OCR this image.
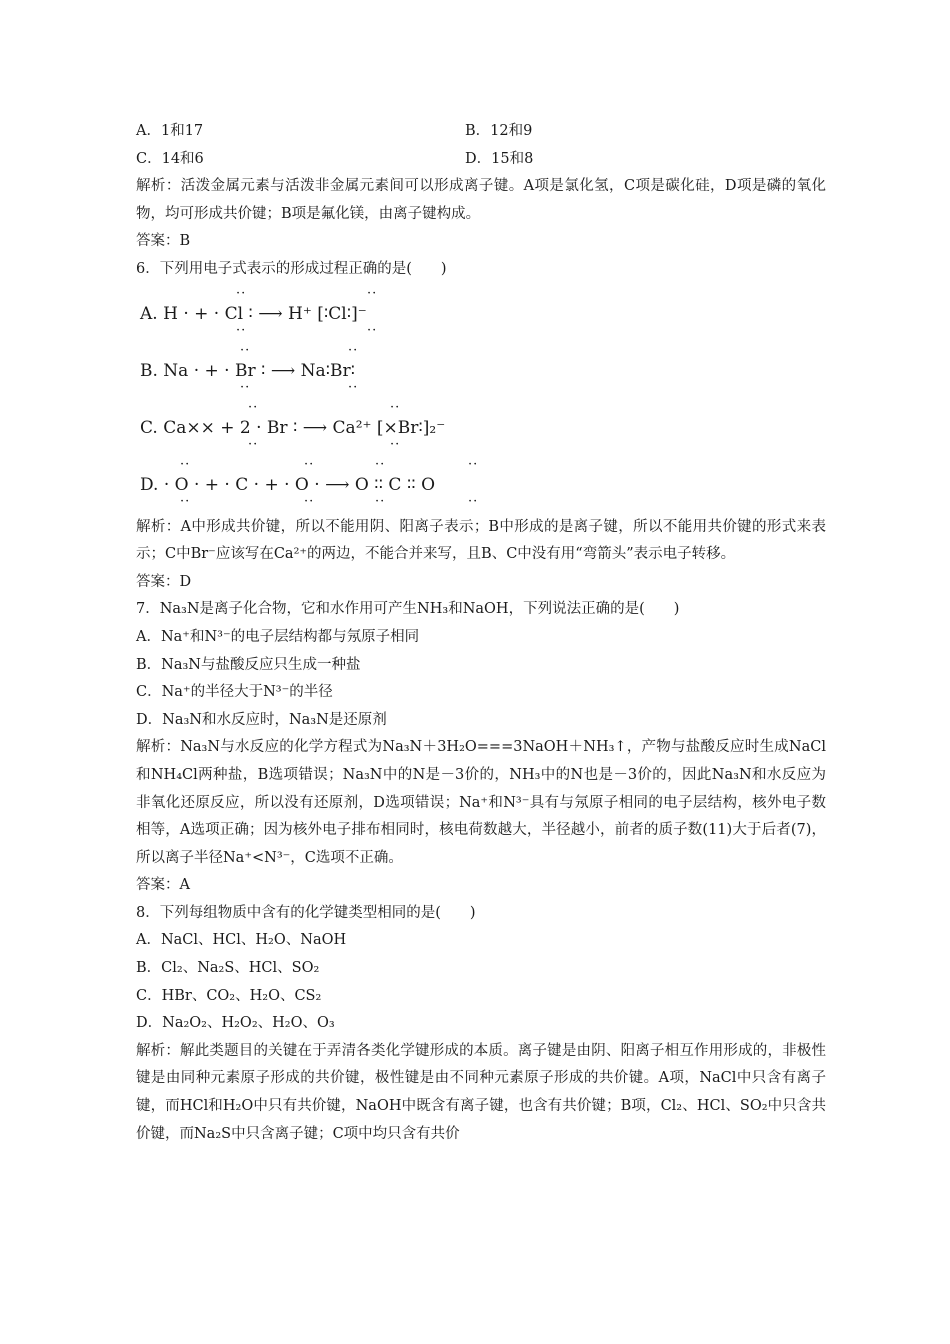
A．1和17	B．12和9
C．14和6	D．15和8
解析：活泼金属元素与活泼非金属元素间可以形成离子键。A项是氯化氢，C项是碳化硅，D项是磷的氧化物，均可形成共价键；B项是氟化镁，由离子键构成。
答案：B
6．下列用电子式表示的形成过程正确的是(　　)
··	··
A. H · + · Cl ∶ ⟶ H⁺ [∶Cl∶]⁻
··	··
··	··
B. Na · + · Br ∶ ⟶ Na∶Br∶
··	··
··	··
C. Ca×× + 2 · Br ∶ ⟶ Ca²⁺ [×Br∶]₂⁻
··	··
··	··	··	··
D. · O · + · C · + · O · ⟶ O ∶∶ C ∶∶ O
··	··	··	··
解析：A中形成共价键，所以不能用阴、阳离子表示；B中形成的是离子键，所以不能用共价键的形式来表示；C中Br⁻应该写在Ca²⁺的两边，不能合并来写，且B、C中没有用“弯箭头”表示电子转移。
答案：D
7．Na₃N是离子化合物，它和水作用可产生NH₃和NaOH，下列说法正确的是(　　)
A．Na⁺和N³⁻的电子层结构都与氖原子相同
B．Na₃N与盐酸反应只生成一种盐
C．Na⁺的半径大于N³⁻的半径
D．Na₃N和水反应时，Na₃N是还原剂
解析：Na₃N与水反应的化学方程式为Na₃N＋3H₂O===3NaOH＋NH₃↑，产物与盐酸反应时生成NaCl和NH₄Cl两种盐，B选项错误；Na₃N中的N是－3价的，NH₃中的N也是－3价的，因此Na₃N和水反应为非氧化还原反应，所以没有还原剂，D选项错误；Na⁺和N³⁻具有与氖原子相同的电子层结构，核外电子数相等，A选项正确；因为核外电子排布相同时，核电荷数越大，半径越小，前者的质子数(11)大于后者(7)，所以离子半径Na⁺<N³⁻，C选项不正确。
答案：A
8．下列每组物质中含有的化学键类型相同的是(　　)
A．NaCl、HCl、H₂O、NaOH
B．Cl₂、Na₂S、HCl、SO₂
C．HBr、CO₂、H₂O、CS₂
D．Na₂O₂、H₂O₂、H₂O、O₃
解析：解此类题目的关键在于弄清各类化学键形成的本质。离子键是由阴、阳离子相互作用形成的，非极性键是由同种元素原子形成的共价键，极性键是由不同种元素原子形成的共价键。A项，NaCl中只含有离子键，而HCl和H₂O中只有共价键，NaOH中既含有离子键，也含有共价键；B项，Cl₂、HCl、SO₂中只含共价键，而Na₂S中只含离子键；C项中均只含有共价
